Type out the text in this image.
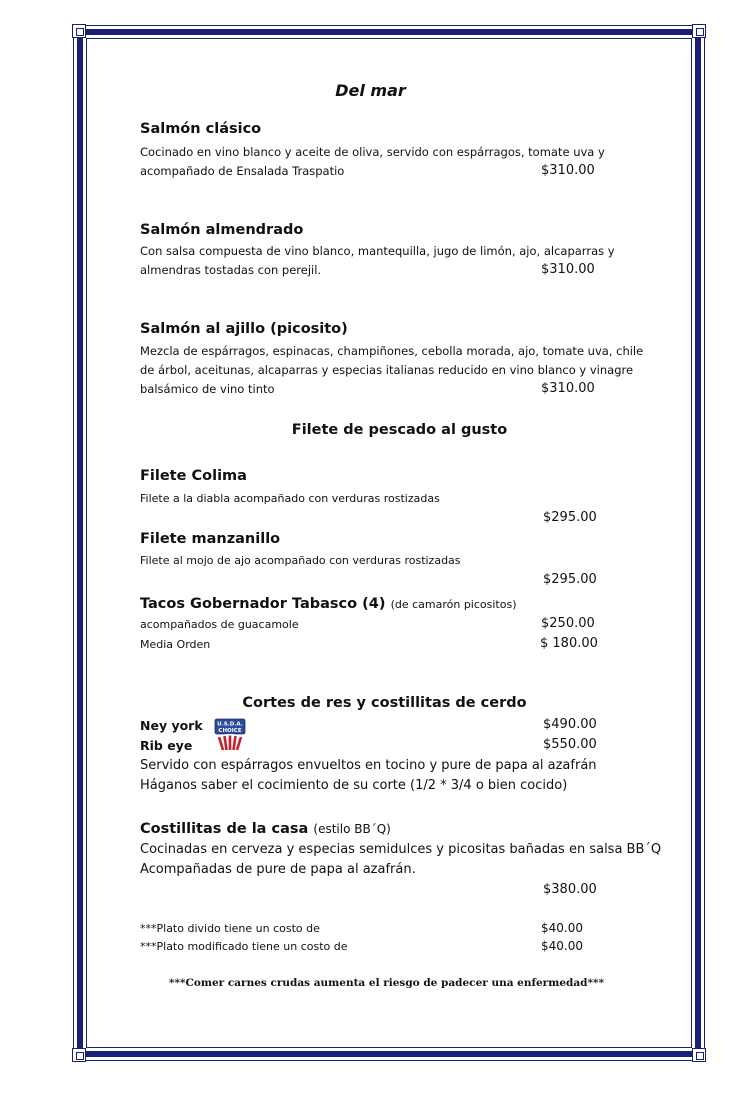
Del mar
Salmón clásico
Cocinado en vino blanco y aceite de oliva, servido con espárragos, tomate uva y
acompañado de Ensalada Traspatio	$310.00
Salmón almendrado
Con salsa compuesta de vino blanco, mantequilla, jugo de limón, ajo, alcaparras y
almendras tostadas con perejil.	$310.00
Salmón al ajillo (picosito)
Mezcla de espárragos, espinacas, champiñones, cebolla morada, ajo, tomate uva, chile
de árbol, aceitunas, alcaparras y especias italianas reducido en vino blanco y vinagre
balsámico de vino tinto	$310.00
Filete de pescado al gusto
Filete Colima
Filete a la diabla acompañado con verduras rostizadas
$295.00
Filete manzanillo
Filete al mojo de ajo acompañado con verduras rostizadas
$295.00
Tacos Gobernador Tabasco (4) (de camarón picositos)
acompañados de guacamole	$250.00
Media Orden	$ 180.00
Cortes de res y costillitas de cerdo
Ney york	$490.00
Rib eye	$550.00
U.S.D.A.
CHOICE
Servido con espárragos envueltos en tocino y pure de papa al azafrán
Háganos saber el cocimiento de su corte (1/2 * 3/4 o bien cocido)
Costillitas de la casa (estilo BB´Q)
Cocinadas en cerveza y especias semidulces y picositas bañadas en salsa BB´Q
Acompañadas de pure de papa al azafrán.
$380.00
***Plato divido tiene un costo de	$40.00
***Plato modificado tiene un costo de	$40.00
***Comer carnes crudas aumenta el riesgo de padecer una enfermedad***
